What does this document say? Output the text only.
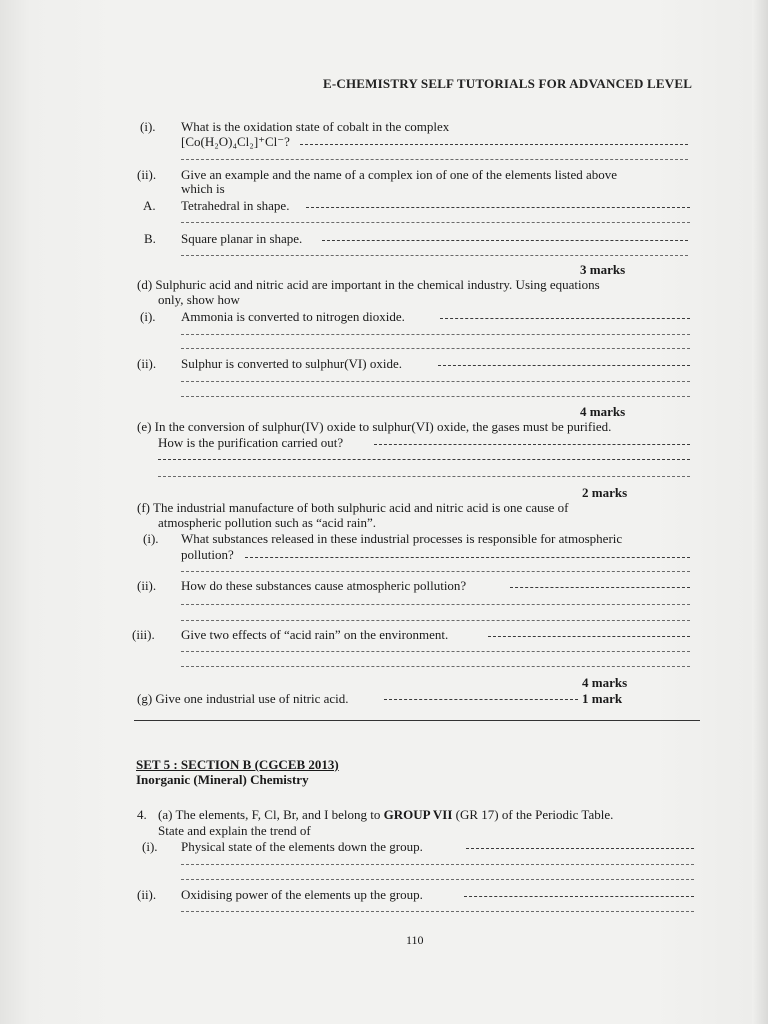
E-CHEMISTRY SELF TUTORIALS FOR ADVANCED LEVEL
(i). What is the oxidation state of cobalt in the complex
[Co(H₂O)₄Cl₂]⁺Cl⁻?
(ii). Give an example and the name of a complex ion of one of the elements listed above
which is
A. Tetrahedral in shape.
B. Square planar in shape.
3 marks
(d) Sulphuric acid and nitric acid are important in the chemical industry. Using equations
only, show how
(i). Ammonia is converted to nitrogen dioxide.
(ii). Sulphur is converted to sulphur(VI) oxide.
4 marks
(e) In the conversion of sulphur(IV) oxide to sulphur(VI) oxide, the gases must be purified.
How is the purification carried out?
2 marks
(f) The industrial manufacture of both sulphuric acid and nitric acid is one cause of
atmospheric pollution such as “acid rain”.
(i). What substances released in these industrial processes is responsible for atmospheric
pollution?
(ii). How do these substances cause atmospheric pollution?
(iii). Give two effects of “acid rain” on the environment.
4 marks
(g) Give one industrial use of nitric acid.	1 mark
SET 5 : SECTION B (CGCEB 2013)
Inorganic (Mineral) Chemistry
4. (a) The elements, F, Cl, Br, and I belong to GROUP VII (GR 17) of the Periodic Table.
State and explain the trend of
(i). Physical state of the elements down the group.
(ii). Oxidising power of the elements up the group.
110
